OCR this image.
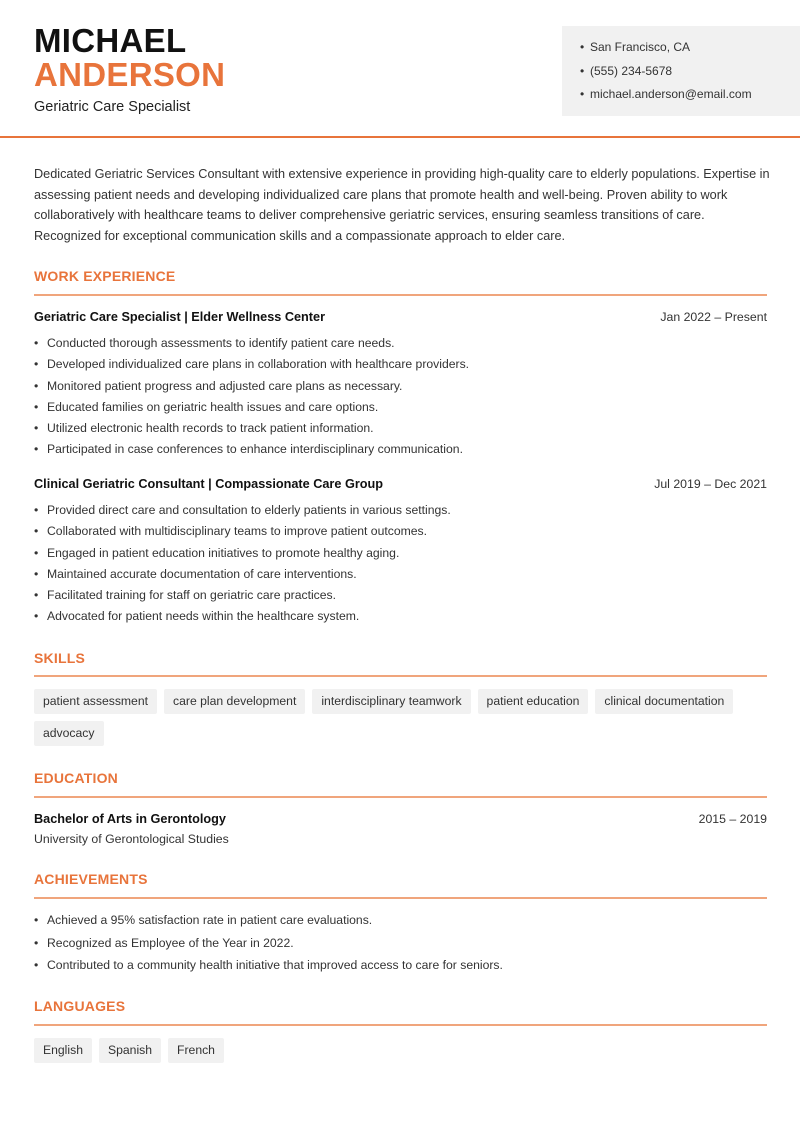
MICHAEL
ANDERSON
Geriatric Care Specialist
• San Francisco, CA
• (555) 234-5678
• michael.anderson@email.com

Dedicated Geriatric Services Consultant with extensive experience in providing high-quality care to elderly populations. Expertise in assessing patient needs and developing individualized care plans that promote health and well-being. Proven ability to work collaboratively with healthcare teams to deliver comprehensive geriatric services, ensuring seamless transitions of care. Recognized for exceptional communication skills and a compassionate approach to elder care.

WORK EXPERIENCE
Geriatric Care Specialist | Elder Wellness Center	Jan 2022 – Present
• Conducted thorough assessments to identify patient care needs.
• Developed individualized care plans in collaboration with healthcare providers.
• Monitored patient progress and adjusted care plans as necessary.
• Educated families on geriatric health issues and care options.
• Utilized electronic health records to track patient information.
• Participated in case conferences to enhance interdisciplinary communication.
Clinical Geriatric Consultant | Compassionate Care Group	Jul 2019 – Dec 2021
• Provided direct care and consultation to elderly patients in various settings.
• Collaborated with multidisciplinary teams to improve patient outcomes.
• Engaged in patient education initiatives to promote healthy aging.
• Maintained accurate documentation of care interventions.
• Facilitated training for staff on geriatric care practices.
• Advocated for patient needs within the healthcare system.
SKILLS
patient assessment	care plan development	interdisciplinary teamwork	patient education	clinical documentation
advocacy
EDUCATION
Bachelor of Arts in Gerontology	2015 – 2019
University of Gerontological Studies
ACHIEVEMENTS
• Achieved a 95% satisfaction rate in patient care evaluations.
• Recognized as Employee of the Year in 2022.
• Contributed to a community health initiative that improved access to care for seniors.
LANGUAGES
English	Spanish	French
